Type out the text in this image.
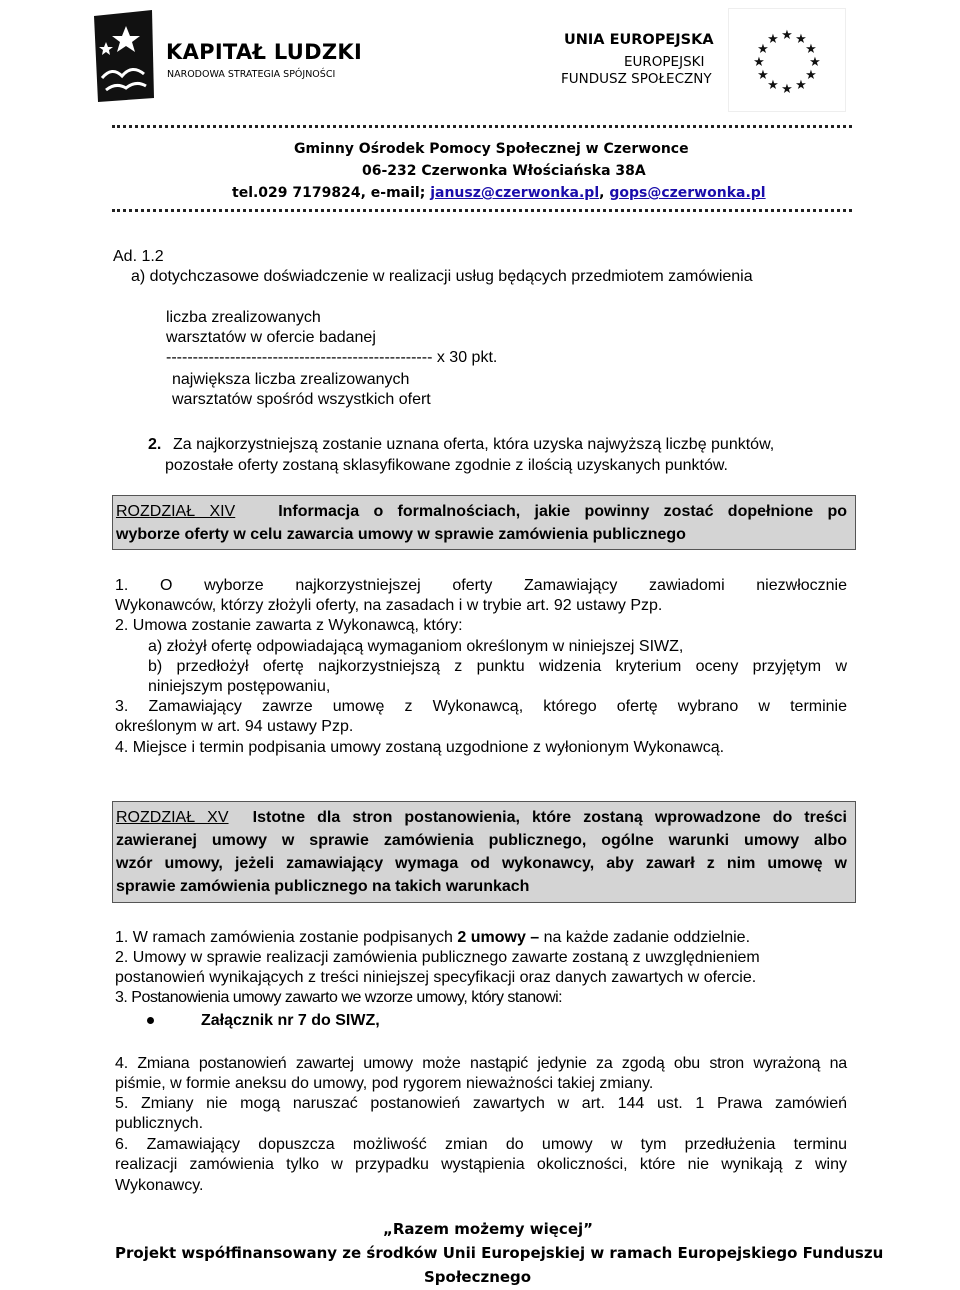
KAPITAŁ LUDZKI
NARODOWA STRATEGIA SPÓJNOŚCI
UNIA EUROPEJSKA
EUROPEJSKI
FUNDUSZ SPOŁECZNY
★ ★
★
★
★
★
★
★
★
★
★
★
Gminny Ośrodek Pomocy Społecznej w Czerwonce
06-232 Czerwonka Włościańska 38A
tel.029 7179824, e-mail; janusz@czerwonka.pl, gops@czerwonka.pl
Ad. 1.2
a) dotychczasowe doświadczenie w realizacji usług będących przedmiotem zamówienia
liczba zrealizowanych
warsztatów w ofercie badanej
-------------------------------------------------- x 30 pkt.
największa liczba zrealizowanych
warsztatów spośród wszystkich ofert
2. Za najkorzystniejszą zostanie uznana oferta, która uzyska najwyższą liczbę punktów,
pozostałe oferty zostaną sklasyfikowane zgodnie z ilością uzyskanych punktów.
ROZDZIAŁ XIV	Informacja o formalnościach, jakie powinny zostać dopełnione po
wyborze oferty w celu zawarcia umowy w sprawie zamówienia publicznego
1. O wyborze najkorzystniejszej oferty Zamawiający zawiadomi niezwłocznie
Wykonawców, którzy złożyli oferty, na zasadach i w trybie art. 92 ustawy Pzp.
2. Umowa zostanie zawarta z Wykonawcą, który:
a) złożył ofertę odpowiadającą wymaganiom określonym w niniejszej SIWZ,
b) przedłożył ofertę najkorzystniejszą z punktu widzenia kryterium oceny przyjętym w
niniejszym postępowaniu,
3. Zamawiający zawrze umowę z Wykonawcą, którego ofertę wybrano w terminie
określonym w art. 94 ustawy Pzp.
4. Miejsce i termin podpisania umowy zostaną uzgodnione z wyłonionym Wykonawcą.
ROZDZIAŁ XV Istotne dla stron postanowienia, które zostaną wprowadzone do treści
zawieranej umowy w sprawie zamówienia publicznego, ogólne warunki umowy albo
wzór umowy, jeżeli zamawiający wymaga od wykonawcy, aby zawarł z nim umowę w
sprawie zamówienia publicznego na takich warunkach
1. W ramach zamówienia zostanie podpisanych 2 umowy – na każde zadanie oddzielnie.
2. Umowy w sprawie realizacji zamówienia publicznego zawarte zostaną z uwzględnieniem
postanowień wynikających z treści niniejszej specyfikacji oraz danych zawartych w ofercie.
3. Postanowienia umowy zawarto we wzorze umowy, który stanowi:
Załącznik nr 7 do SIWZ,
4. Zmiana postanowień zawartej umowy może nastąpić jedynie za zgodą obu stron wyrażoną na
piśmie, w formie aneksu do umowy, pod rygorem nieważności takiej zmiany.
5. Zmiany nie mogą naruszać postanowień zawartych w art. 144 ust. 1 Prawa zamówień
publicznych.
6. Zamawiający dopuszcza możliwość zmian do umowy w tym przedłużenia terminu
realizacji zamówienia tylko w przypadku wystąpienia okoliczności, które nie wynikają z winy
Wykonawcy.
„Razem możemy więcej”
Projekt współfinansowany ze środków Unii Europejskiej w ramach Europejskiego Funduszu
Społecznego
